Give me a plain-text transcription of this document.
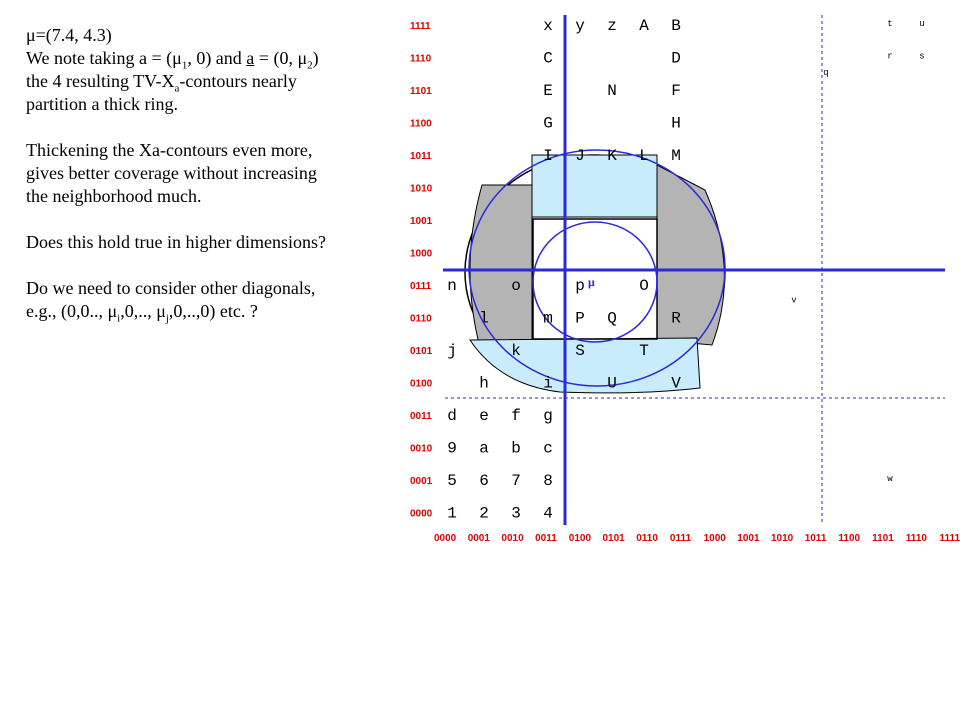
μ=(7.4, 4.3)

We note taking $a = (\mu_1$, 0) and a = (0, $\mu_2$)

the 4 resulting $TV-X_a$-contours nearly

partition a thick ring.

Thickening the Xa-contours even more,

gives better coverage without increasing

the neighborhood much.

Does this hold true in higher dimensions?

Do we need to consider other diagonals,

e.g., (0,0.., $\mu_i,0$,.., $\mu_j,0,..,0$) etc. ?

1111
1110
1101
1100
1011
1010
1001
1000
0111
0110
0101
0100
0011
0010
0001
0000
0000 0001 0010 0011 0100 0101 0110 0111 1000 1001 1010 1011 1100 1101 1110 1111
x y z A B
C	D
E	N	F
G	H
I J K L M
n	o	p	O
l	m P Q	R
j	k	S	T
h	i	U	V
d e f g
9 a b c
5 6 7 8
1 2 3 4
t	u
r	s
q
v
w
μ
